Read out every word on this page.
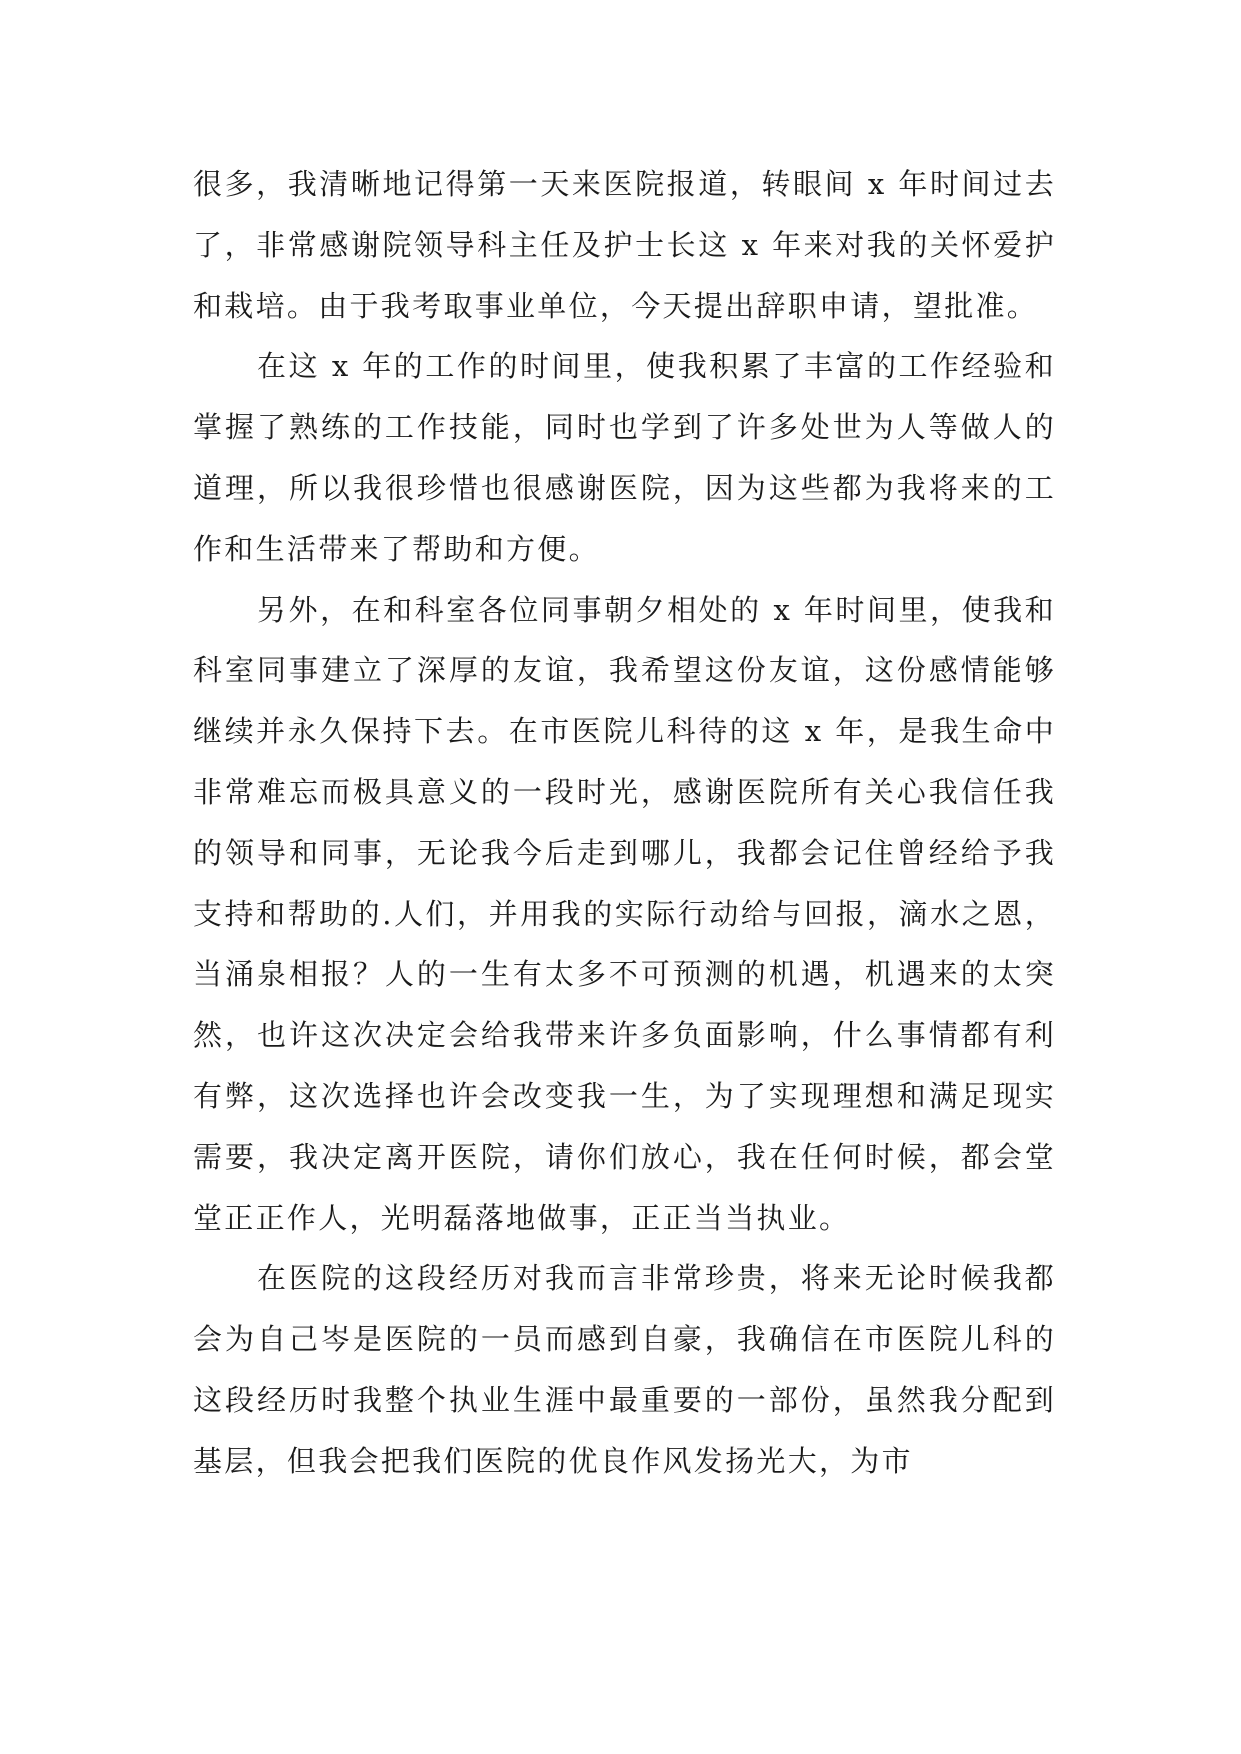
很多，我清晰地记得第一天来医院报道，转眼间 x 年时间过去了，非常感谢院领导科主任及护士长这 x 年来对我的关怀爱护和栽培。由于我考取事业单位，今天提出辞职申请，望批准。

在这 x 年的工作的时间里，使我积累了丰富的工作经验和掌握了熟练的工作技能，同时也学到了许多处世为人等做人的道理，所以我很珍惜也很感谢医院，因为这些都为我将来的工作和生活带来了帮助和方便。

另外，在和科室各位同事朝夕相处的 x 年时间里，使我和科室同事建立了深厚的友谊，我希望这份友谊，这份感情能够继续并永久保持下去。在市医院儿科待的这 x 年，是我生命中非常难忘而极具意义的一段时光，感谢医院所有关心我信任我的领导和同事，无论我今后走到哪儿，我都会记住曾经给予我支持和帮助的.人们，并用我的实际行动给与回报，滴水之恩，当涌泉相报？人的一生有太多不可预测的机遇，机遇来的太突然，也许这次决定会给我带来许多负面影响，什么事情都有利有弊，这次选择也许会改变我一生，为了实现理想和满足现实需要，我决定离开医院，请你们放心，我在任何时候，都会堂堂正正作人，光明磊落地做事，正正当当执业。

在医院的这段经历对我而言非常珍贵，将来无论时候我都会为自己岑是医院的一员而感到自豪，我确信在市医院儿科的这段经历时我整个执业生涯中最重要的一部份，虽然我分配到基层，但我会把我们医院的优良作风发扬光大，为市
